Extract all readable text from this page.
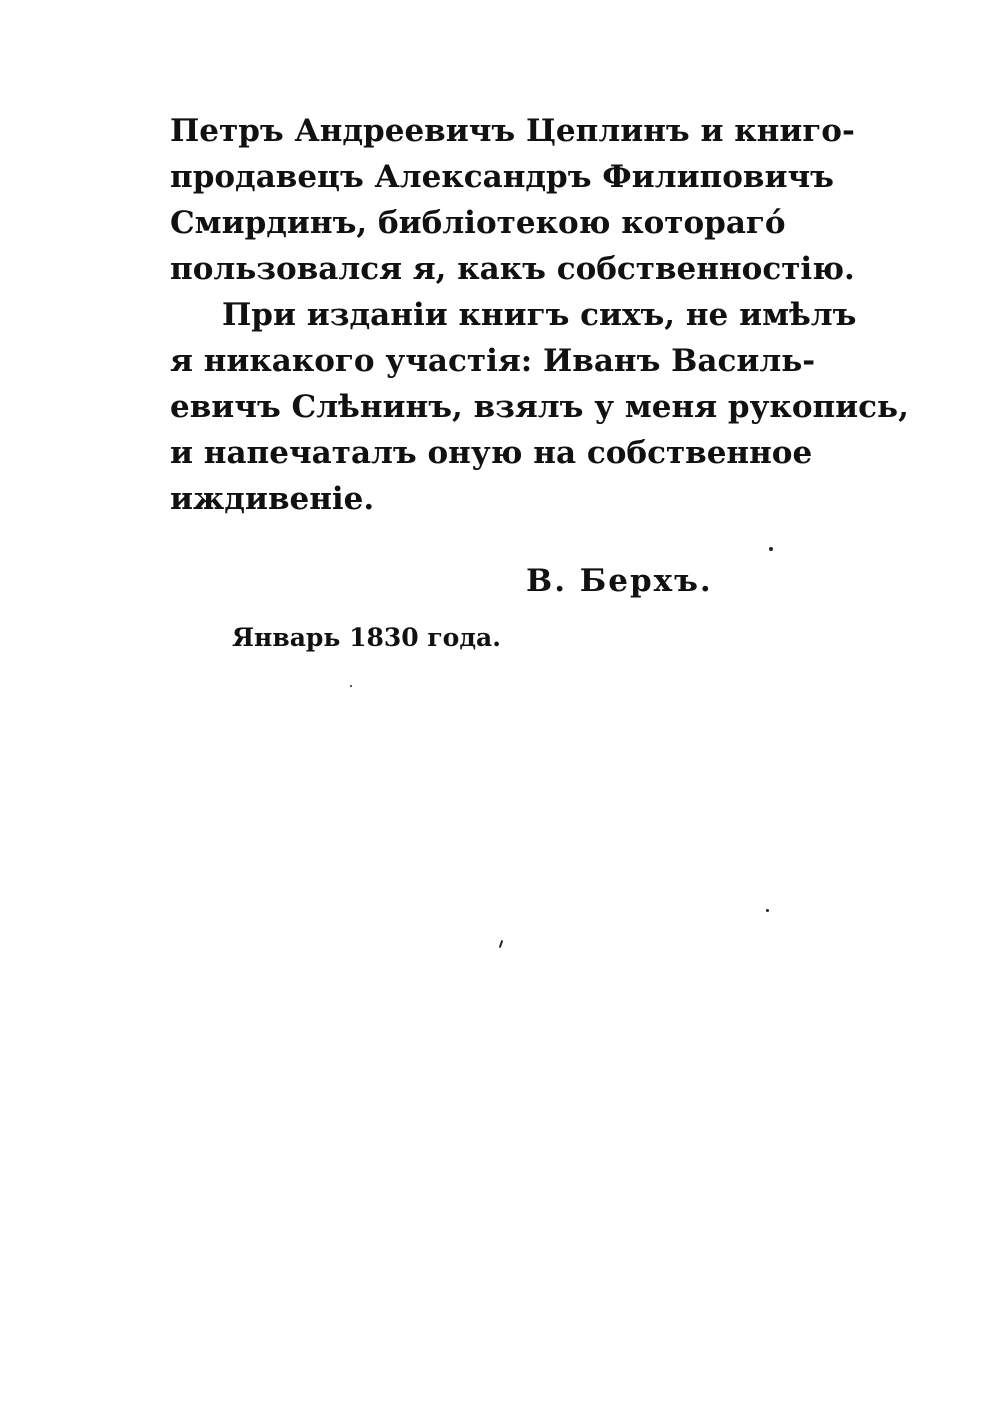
Петръ Андреевичъ Цеплинъ и книго-
продавецъ Александръ Филиповичъ
Смирдинъ, библіотекою которагó
пользовался я, какъ собственностію.
При изданіи книгъ сихъ, не имѣлъ
я никакого участія: Иванъ Василь-
евичъ Слѣнинъ, взялъ у меня рукопись,
и напечаталъ оную на собственное
иждивеніе.
В. Берхъ.
Январь 1830 года.
